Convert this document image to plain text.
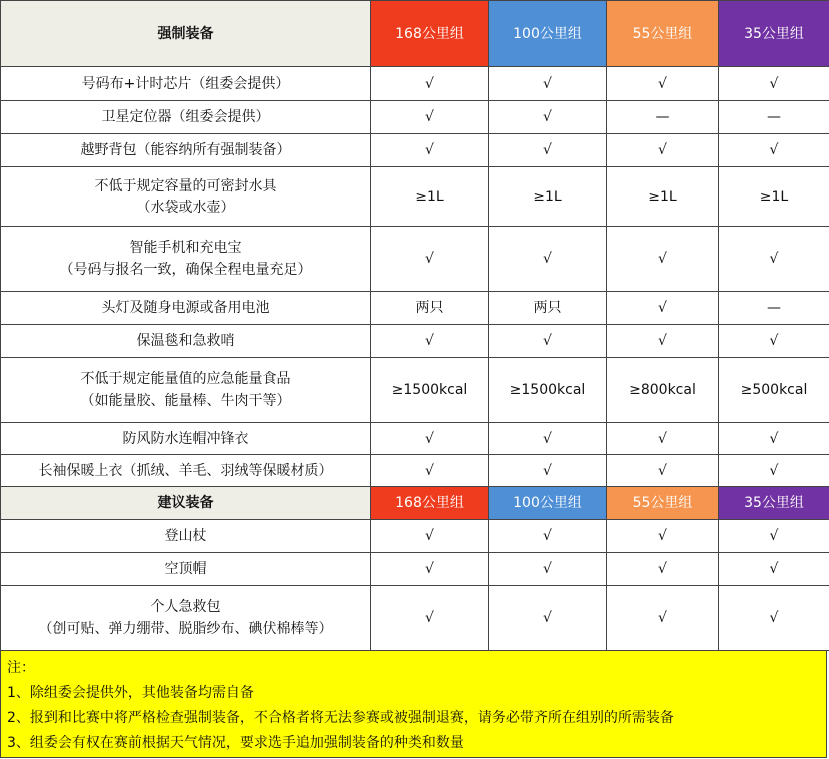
强制装备	168公里组	100公里组	55公里组	35公里组

号码布+计时芯片（组委会提供）	√	√	√	√

卫星定位器（组委会提供）	√	√	—	—

越野背包（能容纳所有强制装备）	√	√	√	√

不低于规定容量的可密封水具
（水袋或水壶）	≥1L	≥1L	≥1L	≥1L

智能手机和充电宝
（号码与报名一致，确保全程电量充足）	√	√	√	√

头灯及随身电源或备用电池	两只	两只	√	—

保温毯和急救哨	√	√	√	√

不低于规定能量值的应急能量食品
（如能量胶、能量棒、牛肉干等）	≥1500kcal	≥1500kcal	≥800kcal	≥500kcal

防风防水连帽冲锋衣	√	√	√	√

长袖保暖上衣（抓绒、羊毛、羽绒等保暖材质）	√	√	√	√
建议装备	168公里组	100公里组	55公里组	35公里组

登山杖	√	√	√	√

空顶帽	√	√	√	√

个人急救包
（创可贴、弹力绷带、脱脂纱布、碘伏棉棒等）	√	√	√	√
注：
1、除组委会提供外，其他装备均需自备
2、报到和比赛中将严格检查强制装备，不合格者将无法参赛或被强制退赛，请务必带齐所在组别的所需装备
3、组委会有权在赛前根据天气情况，要求选手追加强制装备的种类和数量
